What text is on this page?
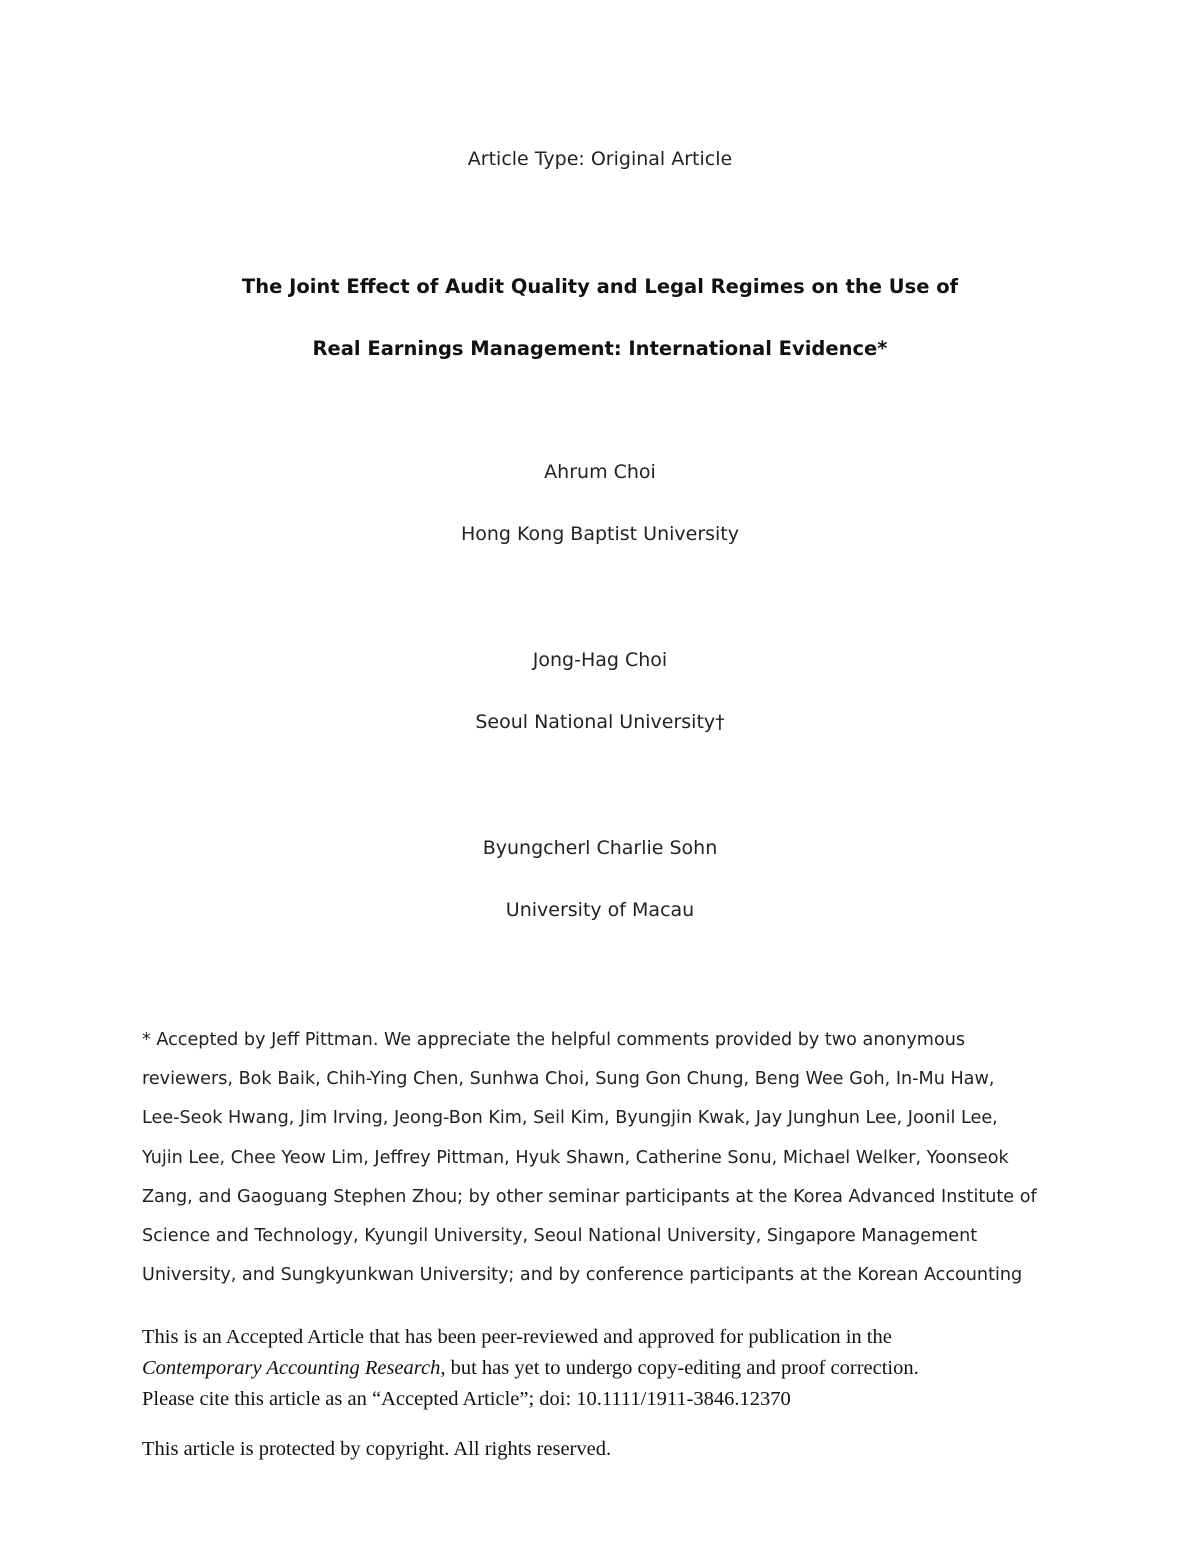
Article Type: Original Article
The Joint Effect of Audit Quality and Legal Regimes on the Use of
Real Earnings Management: International Evidence*
Ahrum Choi
Hong Kong Baptist University
Jong-Hag Choi
Seoul National University†
Byungcherl Charlie Sohn
University of Macau
* Accepted by Jeff Pittman. We appreciate the helpful comments provided by two anonymous
reviewers, Bok Baik, Chih-Ying Chen, Sunhwa Choi, Sung Gon Chung, Beng Wee Goh, In-Mu Haw,
Lee-Seok Hwang, Jim Irving, Jeong-Bon Kim, Seil Kim, Byungjin Kwak, Jay Junghun Lee, Joonil Lee,
Yujin Lee, Chee Yeow Lim, Jeffrey Pittman, Hyuk Shawn, Catherine Sonu, Michael Welker, Yoonseok
Zang, and Gaoguang Stephen Zhou; by other seminar participants at the Korea Advanced Institute of
Science and Technology, Kyungil University, Seoul National University, Singapore Management
University, and Sungkyunkwan University; and by conference participants at the Korean Accounting
This is an Accepted Article that has been peer-reviewed and approved for publication in the
Contemporary Accounting Research, but has yet to undergo copy-editing and proof correction.
Please cite this article as an “Accepted Article”; doi: 10.1111/1911-3846.12370
This article is protected by copyright. All rights reserved.
